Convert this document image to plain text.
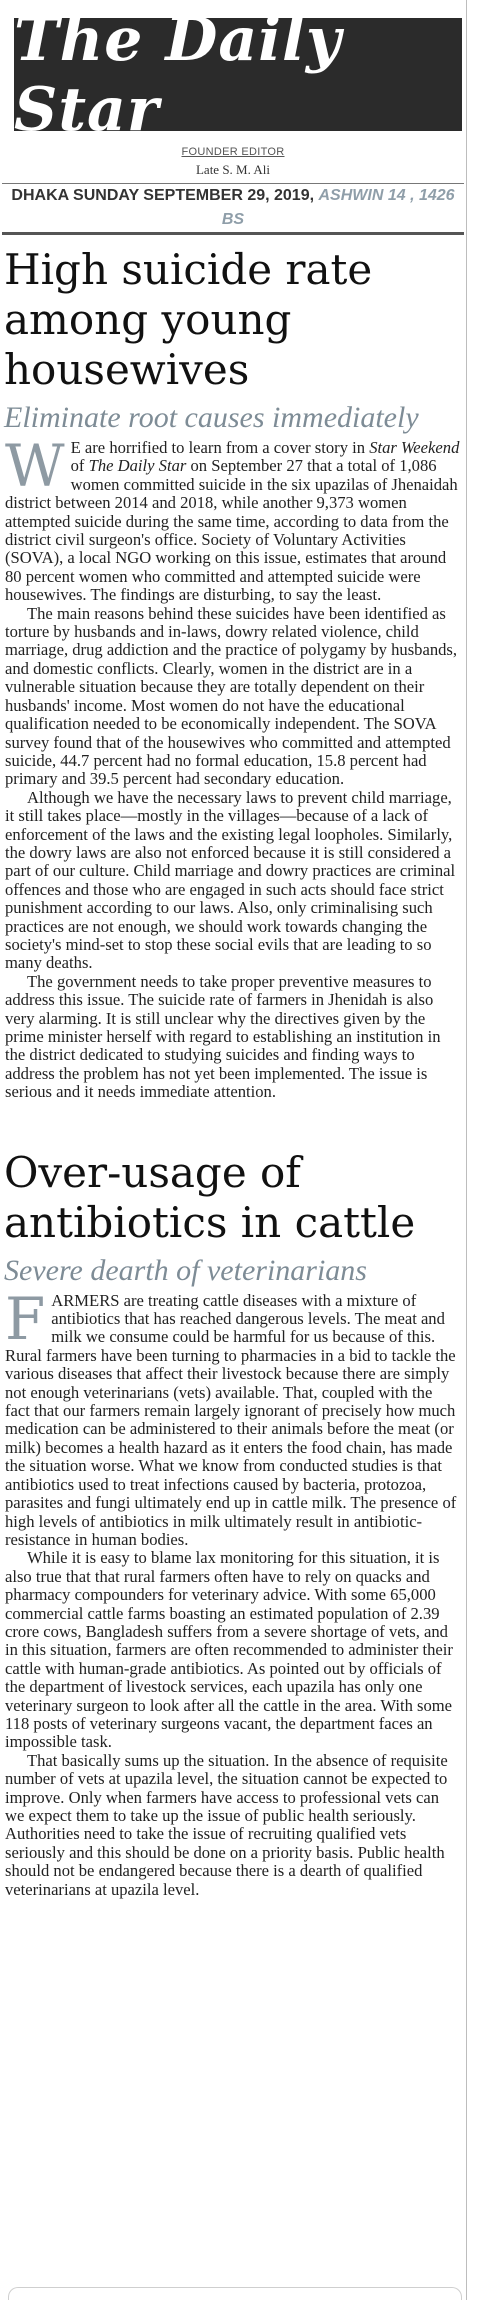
The Daily Star
FOUNDER EDITOR
Late S. M. Ali
DHAKA SUNDAY SEPTEMBER 29, 2019, ASHWIN 14 , 1426 BS
High suicide rate among young housewives
Eliminate root causes immediately

W E are horrified to learn from a cover story in Star Weekend of The Daily Star on September 27 that a total of 1,086 women committed suicide in the six upazilas of Jhenaidah district between 2014 and 2018, while another 9,373 women attempted suicide during the same time, according to data from the district civil surgeon's office. Society of Voluntary Activities (SOVA), a local NGO working on this issue, estimates that around 80 percent women who committed and attempted suicide were housewives. The findings are disturbing, to say the least.

The main reasons behind these suicides have been identified as torture by husbands and in-laws, dowry related violence, child marriage, drug addiction and the practice of polygamy by husbands, and domestic conflicts. Clearly, women in the district are in a vulnerable situation because they are totally dependent on their husbands' income. Most women do not have the educational qualification needed to be economically independent. The SOVA survey found that of the housewives who committed and attempted suicide, 44.7 percent had no formal education, 15.8 percent had primary and 39.5 percent had secondary education.

Although we have the necessary laws to prevent child marriage, it still takes place—mostly in the villages—because of a lack of enforcement of the laws and the existing legal loopholes. Similarly, the dowry laws are also not enforced because it is still considered a part of our culture. Child marriage and dowry practices are criminal offences and those who are engaged in such acts should face strict punishment according to our laws. Also, only criminalising such practices are not enough, we should work towards changing the society's mind-set to stop these social evils that are leading to so many deaths.

The government needs to take proper preventive measures to address this issue. The suicide rate of farmers in Jhenidah is also very alarming. It is still unclear why the directives given by the prime minister herself with regard to establishing an institution in the district dedicated to studying suicides and finding ways to address the problem has not yet been implemented. The issue is serious and it needs immediate attention.

Over-usage of antibiotics in cattle
Severe dearth of veterinarians

FARMERS are treating cattle diseases with a mixture of antibiotics that has reached dangerous levels. The meat and milk we consume could be harmful for us because of this. Rural farmers have been turning to pharmacies in a bid to tackle the various diseases that affect their livestock because there are simply not enough veterinarians (vets) available. That, coupled with the fact that our farmers remain largely ignorant of precisely how much medication can be administered to their animals before the meat (or milk) becomes a health hazard as it enters the food chain, has made the situation worse. What we know from conducted studies is that antibiotics used to treat infections caused by bacteria, protozoa, parasites and fungi ultimately end up in cattle milk. The presence of high levels of antibiotics in milk ultimately result in antibiotic-resistance in human bodies.

While it is easy to blame lax monitoring for this situation, it is also true that that rural farmers often have to rely on quacks and pharmacy compounders for veterinary advice. With some 65,000 commercial cattle farms boasting an estimated population of 2.39 crore cows, Bangladesh suffers from a severe shortage of vets, and in this situation, farmers are often recommended to administer their cattle with human-grade antibiotics. As pointed out by officials of the department of livestock services, each upazila has only one veterinary surgeon to look after all the cattle in the area. With some 118 posts of veterinary surgeons vacant, the department faces an impossible task.

That basically sums up the situation. In the absence of requisite number of vets at upazila level, the situation cannot be expected to improve. Only when farmers have access to professional vets can we expect them to take up the issue of public health seriously. Authorities need to take the issue of recruiting qualified vets seriously and this should be done on a priority basis. Public health should not be endangered because there is a dearth of qualified veterinarians at upazila level.
